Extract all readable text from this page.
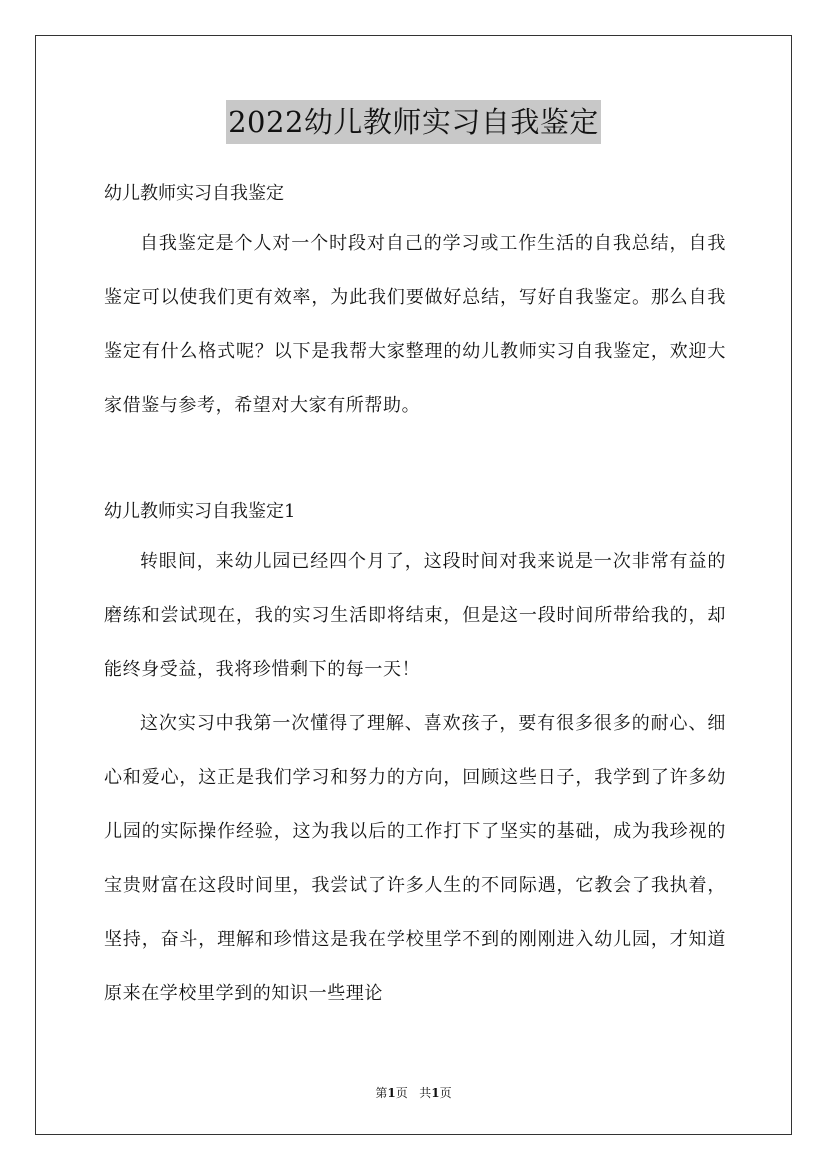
2022幼儿教师实习自我鉴定

幼儿教师实习自我鉴定

自我鉴定是个人对一个时段对自己的学习或工作生活的自我总结，自我鉴定可以使我们更有效率，为此我们要做好总结，写好自我鉴定。那么自我鉴定有什么格式呢？以下是我帮大家整理的幼儿教师实习自我鉴定，欢迎大家借鉴与参考，希望对大家有所帮助。

幼儿教师实习自我鉴定1

转眼间，来幼儿园已经四个月了，这段时间对我来说是一次非常有益的磨练和尝试现在，我的实习生活即将结束，但是这一段时间所带给我的，却能终身受益，我将珍惜剩下的每一天！

这次实习中我第一次懂得了理解、喜欢孩子，要有很多很多的耐心、细心和爱心，这正是我们学习和努力的方向，回顾这些日子，我学到了许多幼儿园的实际操作经验，这为我以后的工作打下了坚实的基础，成为我珍视的宝贵财富在这段时间里，我尝试了许多人生的不同际遇，它教会了我执着，坚持，奋斗，理解和珍惜这是我在学校里学不到的刚刚进入幼儿园，才知道原来在学校里学到的知识一些理论

第1页 共1页
